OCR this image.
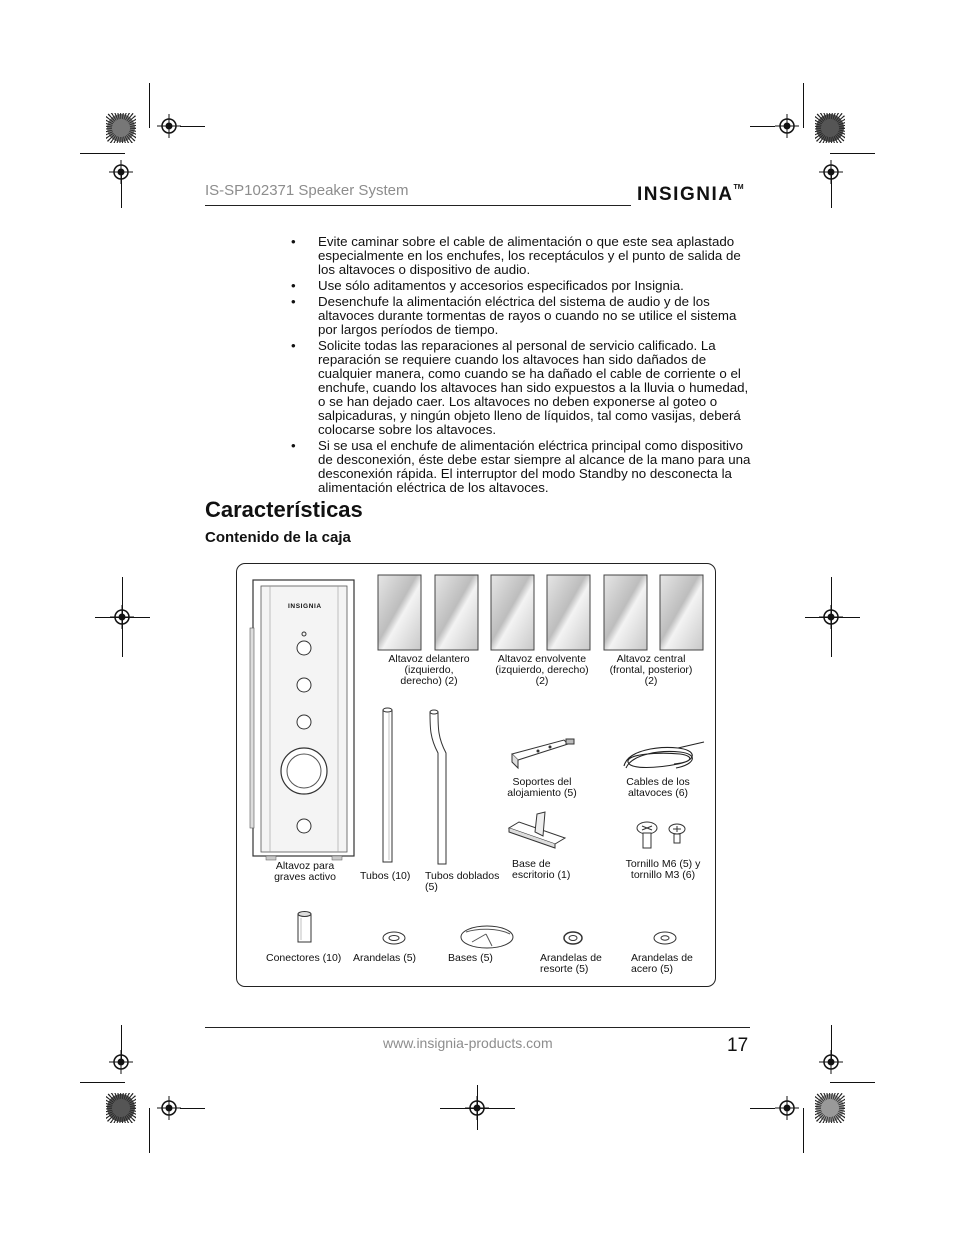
IS-SP102371 Speaker System	INSIGNIA™
• Evite caminar sobre el cable de alimentación o que este sea aplastado especialmente en los enchufes, los receptáculos y el punto de salida de los altavoces o dispositivo de audio.
• Use sólo aditamentos y accesorios especificados por Insignia.
• Desenchufe la alimentación eléctrica del sistema de audio y de los altavoces durante tormentas de rayos o cuando no se utilice el sistema por largos períodos de tiempo.
• Solicite todas las reparaciones al personal de servicio calificado. La reparación se requiere cuando los altavoces han sido dañados de cualquier manera, como cuando se ha dañado el cable de corriente o el enchufe, cuando los altavoces han sido expuestos a la lluvia o humedad, o se han dejado caer. Los altavoces no deben exponerse al goteo o salpicaduras, y ningún objeto lleno de líquidos, tal como vasijas, deberá colocarse sobre los altavoces.
• Si se usa el enchufe de alimentación eléctrica principal como dispositivo de desconexión, éste debe estar siempre al alcance de la mano para una desconexión rápida. El interruptor del modo Standby no desconecta la alimentación eléctrica de los altavoces.
Características
Contenido de la caja
INSIGNIA
Altavoz delantero (izquierdo, derecho) (2)
Altavoz envolvente (izquierdo, derecho) (2)
Altavoz central (frontal, posterior) (2)
Soportes del alojamiento (5)
Cables de los altavoces (6)
Base de escritorio (1)
Tornillo M6 (5) y tornillo M3 (6)
Altavoz para graves activo	Tubos (10)	Tubos doblados (5)
Conectores (10)	Arandelas (5)	Bases (5)	Arandelas de resorte (5)
Arandelas de acero (5)
www.insignia-products.com	17
